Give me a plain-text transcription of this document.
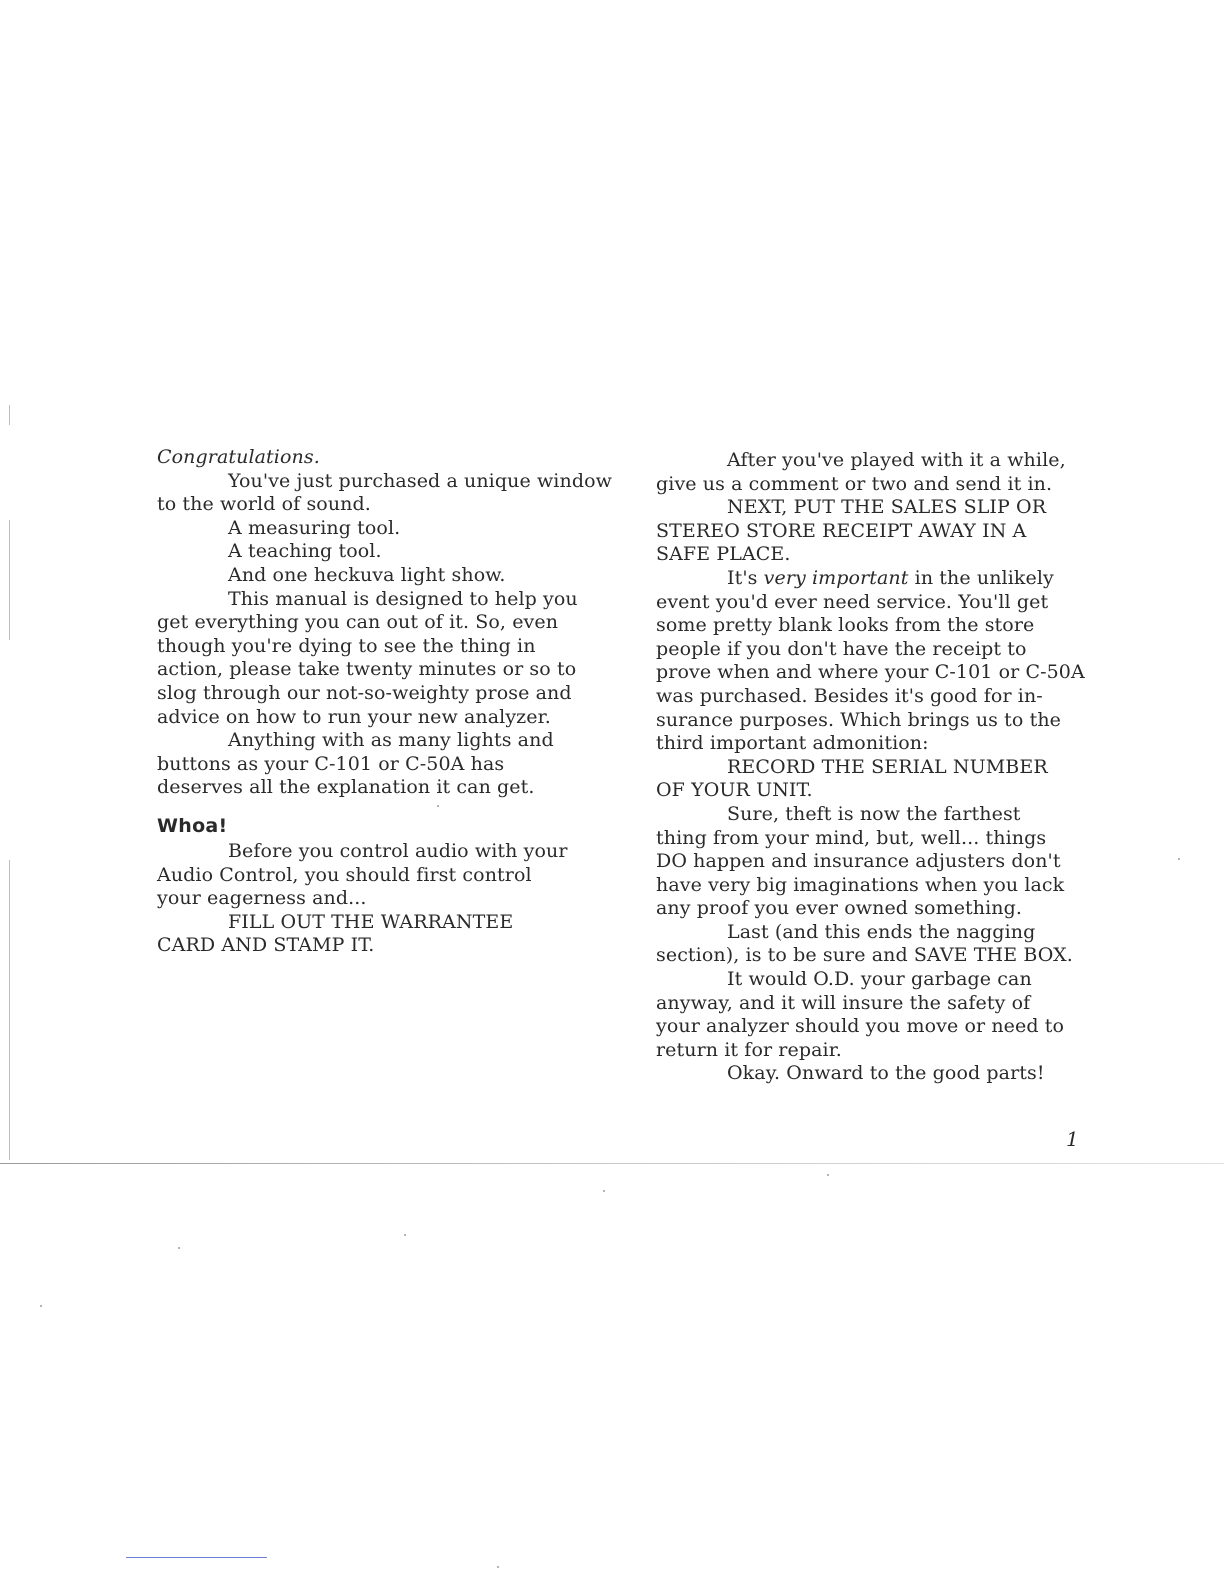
Congratulations.
You've just purchased a unique window
to the world of sound.
A measuring tool.
A teaching tool.
And one heckuva light show.
This manual is designed to help you
get everything you can out of it. So, even
though you're dying to see the thing in
action, please take twenty minutes or so to
slog through our not-so-weighty prose and
advice on how to run your new analyzer.
Anything with as many lights and
buttons as your C-101 or C-50A has
deserves all the explanation it can get.
Whoa!
Before you control audio with your
Audio Control, you should first control
your eagerness and...
FILL OUT THE WARRANTEE
CARD AND STAMP IT.
After you've played with it a while,
give us a comment or two and send it in.
NEXT, PUT THE SALES SLIP OR
STEREO STORE RECEIPT AWAY IN A
SAFE PLACE.
It's very important in the unlikely
event you'd ever need service. You'll get
some pretty blank looks from the store
people if you don't have the receipt to
prove when and where your C-101 or C-50A
was purchased. Besides it's good for in-
surance purposes. Which brings us to the
third important admonition:
RECORD THE SERIAL NUMBER
OF YOUR UNIT.
Sure, theft is now the farthest
thing from your mind, but, well... things
DO happen and insurance adjusters don't
have very big imaginations when you lack
any proof you ever owned something.
Last (and this ends the nagging
section), is to be sure and SAVE THE BOX.
It would O.D. your garbage can
anyway, and it will insure the safety of
your analyzer should you move or need to
return it for repair.
Okay. Onward to the good parts!
1
